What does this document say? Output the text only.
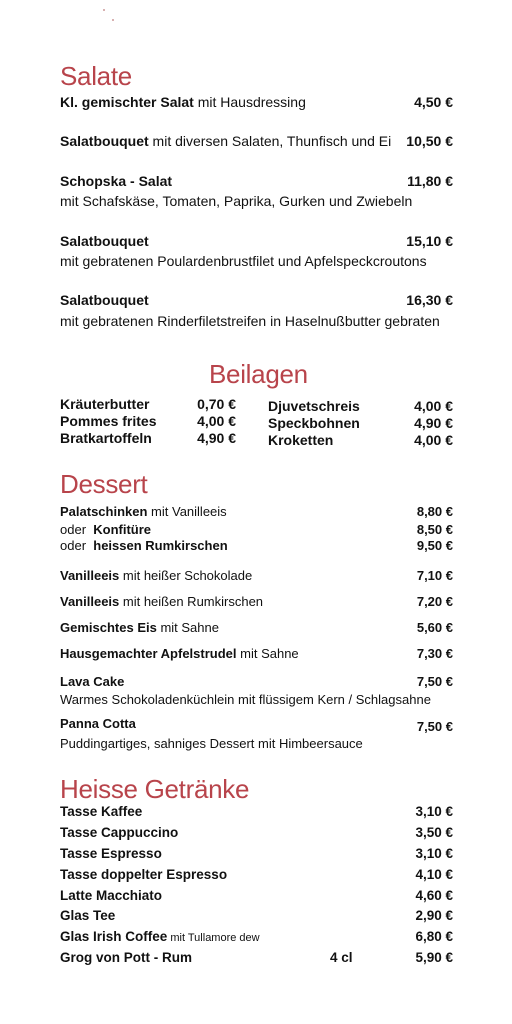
Salate
Kl. gemischter Salat mit Hausdressing	4,50 €
Salatbouquet mit diversen Salaten, Thunfisch und Ei 10,50 €
Schopska - Salat	11,80 €
mit Schafskäse, Tomaten, Paprika, Gurken und Zwiebeln
Salatbouquet	15,10 €
mit gebratenen Poulardenbrustfilet und Apfelspeckcroutons
Salatbouquet	16,30 €
mit gebratenen Rinderfiletstreifen in Haselnußbutter gebraten
Beilagen
Kräuterbutter	0,70 €
Pommes frites	4,00 €
Bratkartoffeln	4,90 €
Djuvetschreis	4,00 €
Speckbohnen	4,90 €
Kroketten	4,00 €
Dessert
Palatschinken mit Vanilleeis	8,80 €
oder  Konfitüre	8,50 €
oder  heissen Rumkirschen	9,50 €
Vanilleeis mit heißer Schokolade	7,10 €
Vanilleeis mit heißen Rumkirschen	7,20 €
Gemischtes Eis mit Sahne	5,60 €
Hausgemachter Apfelstrudel mit Sahne	7,30 €
Lava Cake	7,50 €
Warmes Schokoladenküchlein mit flüssigem Kern / Schlagsahne
Panna Cotta	7,50 €
Puddingartiges, sahniges Dessert mit Himbeersauce
Heisse Getränke
Tasse Kaffee	3,10 €
Tasse Cappuccino	3,50 €
Tasse Espresso	3,10 €
Tasse doppelter Espresso	4,10 €
Latte Macchiato	4,60 €
Glas Tee	2,90 €
Glas Irish Coffee mit Tullamore dew	6,80 €
Grog von Pott - Rum	4 cl	5,90 €
